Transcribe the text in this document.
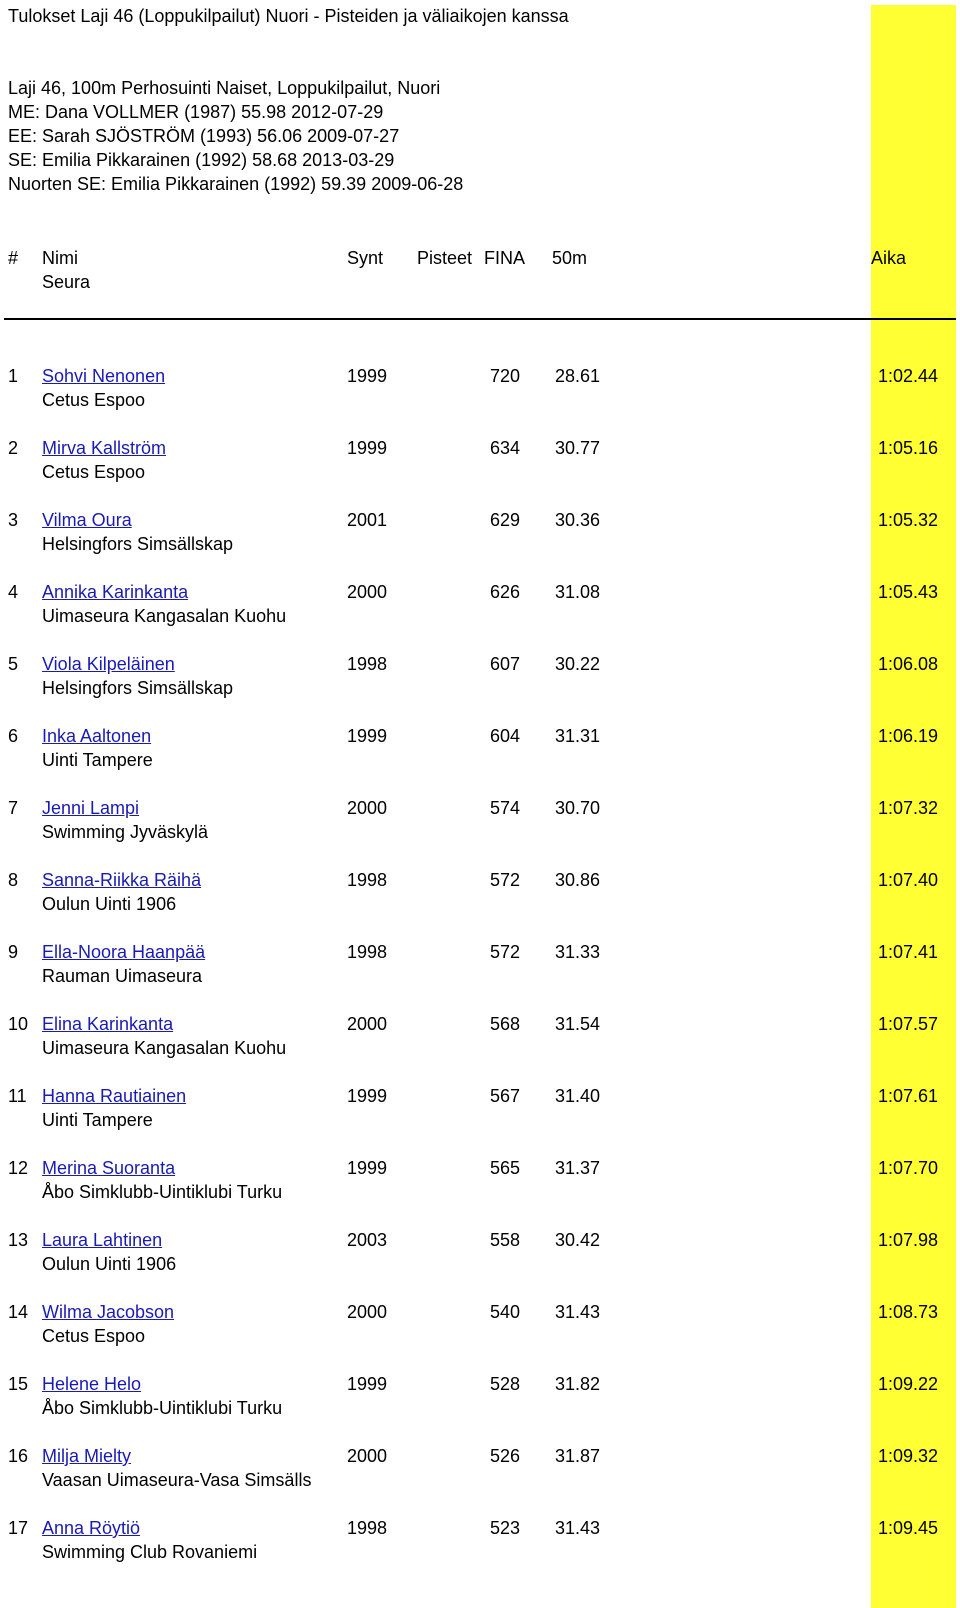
Tulokset Laji 46 (Loppukilpailut) Nuori - Pisteiden ja väliaikojen kanssa
Laji 46, 100m Perhosuinti Naiset, Loppukilpailut, Nuori
ME: Dana VOLLMER (1987) 55.98 2012-07-29
EE: Sarah SJÖSTRÖM (1993) 56.06 2009-07-27
SE: Emilia Pikkarainen (1992) 58.68 2013-03-29
Nuorten SE: Emilia Pikkarainen (1992) 59.39 2009-06-28
# Nimi
Seura
Synt Pisteet FINA 50m	Aika
1 Sohvi Nenonen
Cetus Espoo
1999	720 28.61	1:02.44
2 Mirva Kallström
Cetus Espoo
1999	634 30.77	1:05.16
3 Vilma Oura
Helsingfors Simsällskap
2001	629 30.36	1:05.32
4 Annika Karinkanta
Uimaseura Kangasalan Kuohu
2000	626 31.08	1:05.43
5 Viola Kilpeläinen
Helsingfors Simsällskap
1998	607 30.22	1:06.08
6 Inka Aaltonen
Uinti Tampere
1999	604 31.31	1:06.19
7 Jenni Lampi
Swimming Jyväskylä
2000	574 30.70	1:07.32
8 Sanna-Riikka Räihä
Oulun Uinti 1906
1998	572 30.86	1:07.40
9 Ella-Noora Haanpää
Rauman Uimaseura
1998	572 31.33	1:07.41
10 Elina Karinkanta
Uimaseura Kangasalan Kuohu
2000	568 31.54	1:07.57
11 Hanna Rautiainen
Uinti Tampere
1999	567 31.40	1:07.61
12 Merina Suoranta
Åbo Simklubb-Uintiklubi Turku
1999	565 31.37	1:07.70
13 Laura Lahtinen
Oulun Uinti 1906
2003	558 30.42	1:07.98
14 Wilma Jacobson
Cetus Espoo
2000	540 31.43	1:08.73
15 Helene Helo
Åbo Simklubb-Uintiklubi Turku
1999	528 31.82	1:09.22
16 Milja Mielty
Vaasan Uimaseura-Vasa Simsälls
2000	526 31.87	1:09.32
17 Anna Röytiö
Swimming Club Rovaniemi
1998	523 31.43	1:09.45
